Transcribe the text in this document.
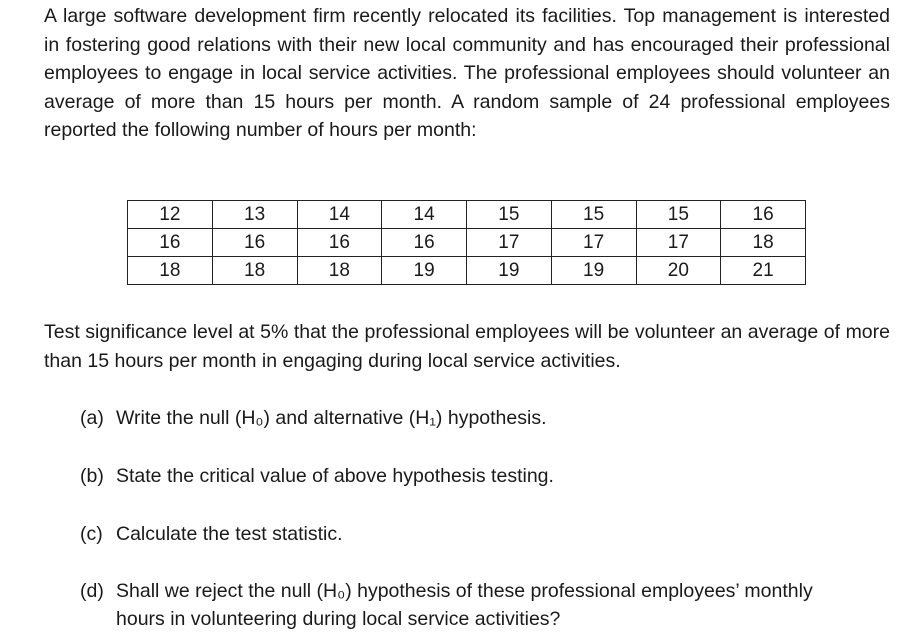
A large software development firm recently relocated its facilities. Top management is interested in fostering good relations with their new local community and has encouraged their professional employees to engage in local service activities. The professional employees should volunteer an average of more than 15 hours per month. A random sample of 24 professional employees reported the following number of hours per month:

12	13	14	14	15	15	15	16
16	16	16	16	17	17	17	18
18	18	18	19	19	19	20	21

Test significance level at 5% that the professional employees will be volunteer an average of more than 15 hours per month in engaging during local service activities.

(a) Write the null (H₀) and alternative (H₁) hypothesis.

(b) State the critical value of above hypothesis testing.

(c) Calculate the test statistic.

(d) Shall we reject the null (H₀) hypothesis of these professional employees’ monthly

hours in volunteering during local service activities?
